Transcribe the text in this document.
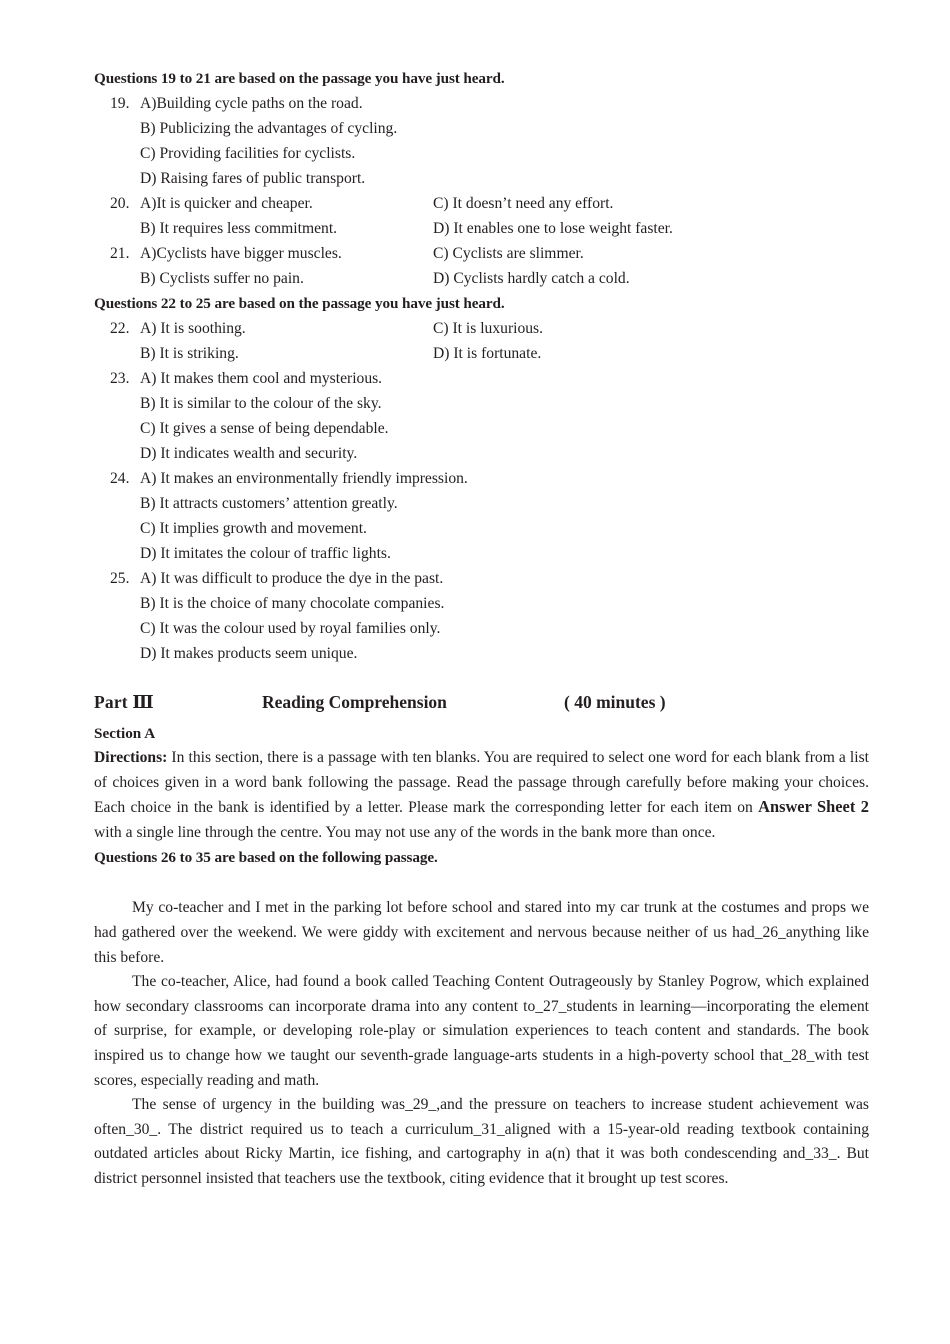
Questions 19 to 21 are based on the passage you have just heard.
19. A)Building cycle paths on the road.
B) Publicizing the advantages of cycling.
C) Providing facilities for cyclists.
D) Raising fares of public transport.
20. A)It is quicker and cheaper.	C) It doesn’t need any effort.
B) It requires less commitment.	D) It enables one to lose weight faster.
21. A)Cyclists have bigger muscles.	C) Cyclists are slimmer.
B) Cyclists suffer no pain.	D) Cyclists hardly catch a cold.
Questions 22 to 25 are based on the passage you have just heard.
22. A) It is soothing.	C) It is luxurious.
B) It is striking.	D) It is fortunate.
23. A) It makes them cool and mysterious.
B) It is similar to the colour of the sky.
C) It gives a sense of being dependable.
D) It indicates wealth and security.
24. A) It makes an environmentally friendly impression.
B) It attracts customers’ attention greatly.
C) It implies growth and movement.
D) It imitates the colour of traffic lights.
25. A) It was difficult to produce the dye in the past.
B) It is the choice of many chocolate companies.
C) It was the colour used by royal families only.
D) It makes products seem unique.
Part Ⅲ	Reading Comprehension	( 40 minutes )
Section A

Directions: In this section, there is a passage with ten blanks. You are required to select one word for each blank from a list of choices given in a word bank following the passage. Read the passage through carefully before making your choices. Each choice in the bank is identified by a letter. Please mark the corresponding letter for each item on Answer Sheet 2 with a single line through the centre. You may not use any of the words in the bank more than once.

Questions 26 to 35 are based on the following passage.

My co-teacher and I met in the parking lot before school and stared into my car trunk at the costumes and props we had gathered over the weekend. We were giddy with excitement and nervous because neither of us had_26_anything like this before.

The co-teacher, Alice, had found a book called Teaching Content Outrageously by Stanley Pogrow, which explained how secondary classrooms can incorporate drama into any content to_27_students in learning—incorporating the element of surprise, for example, or developing role-play or simulation experiences to teach content and standards. The book inspired us to change how we taught our seventh-grade language-arts students in a high-poverty school that_28_with test scores, especially reading and math.

The sense of urgency in the building was_29_,and the pressure on teachers to increase student achievement was often_30_. The district required us to teach a curriculum_31_aligned with a 15-year-old reading textbook containing outdated articles about Ricky Martin, ice fishing, and cartography in a(n) that it was both condescending and_33_. But district personnel insisted that teachers use the textbook, citing evidence that it brought up test scores.
